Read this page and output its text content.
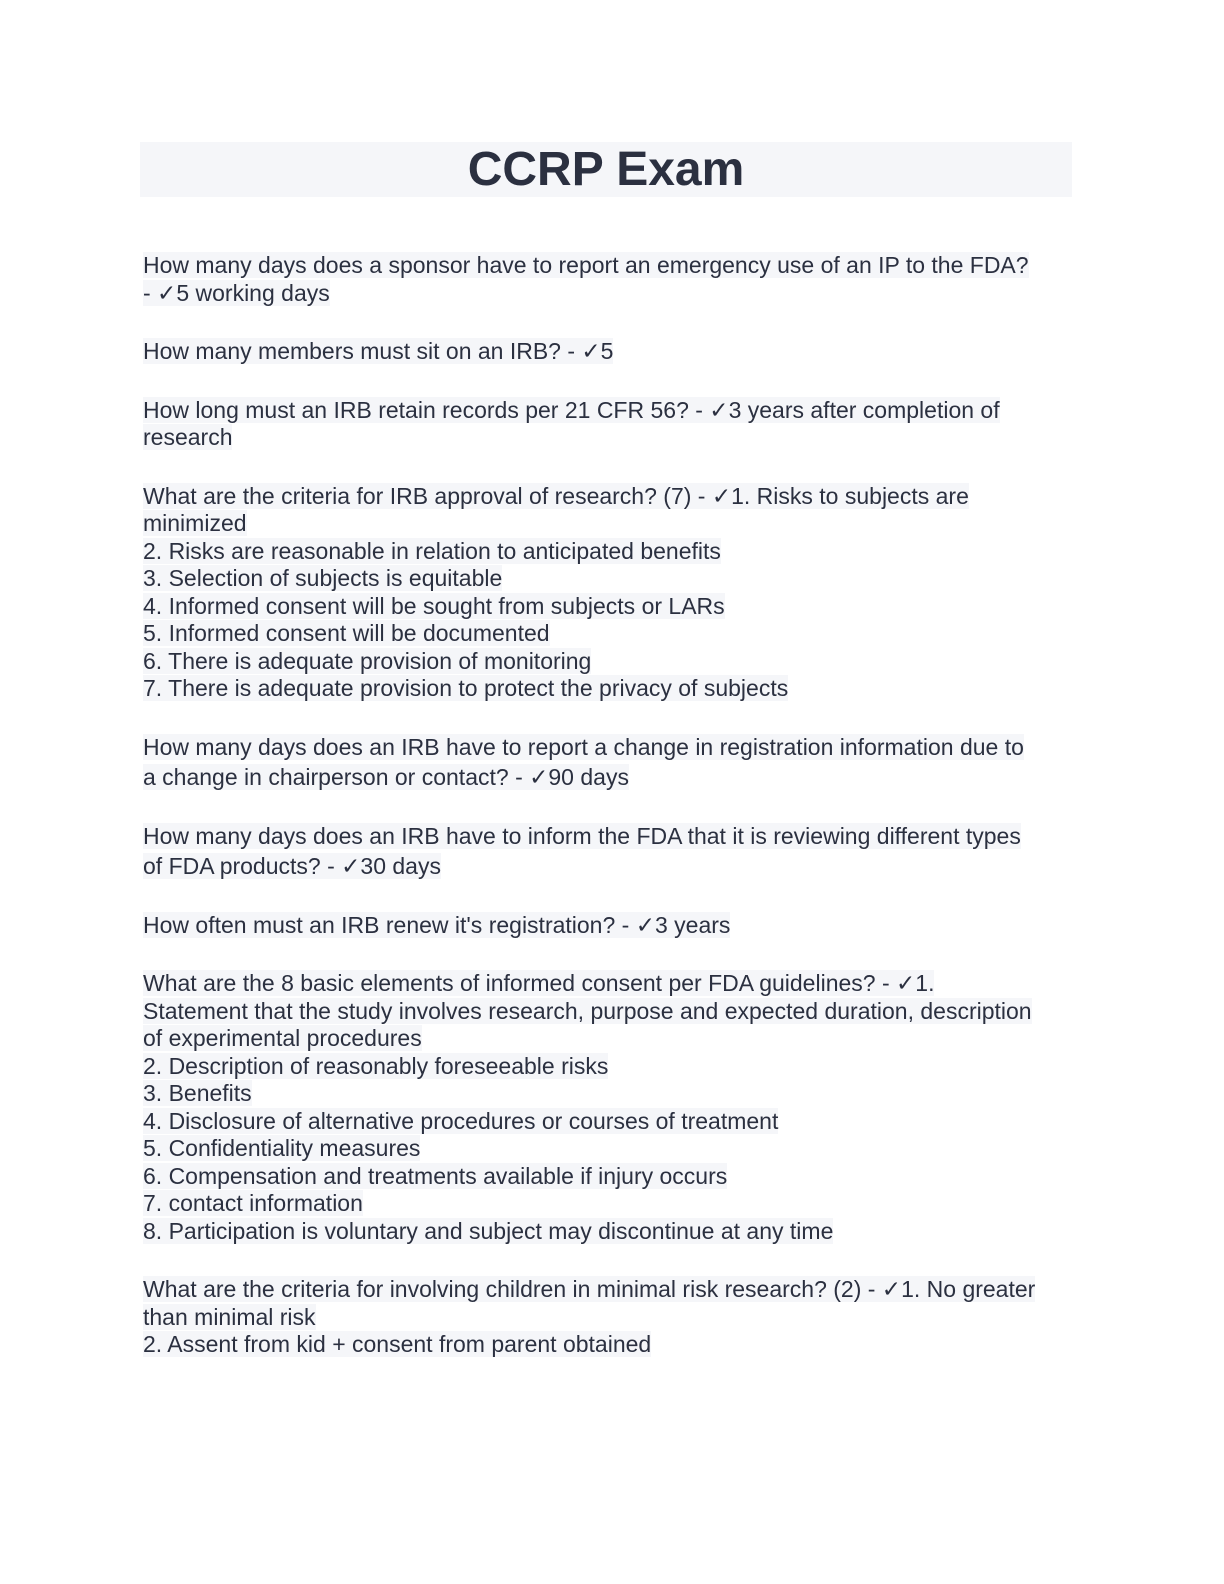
CCRP Exam
How many days does a sponsor have to report an emergency use of an IP to the FDA?
- ✓5 working days
How many members must sit on an IRB? - ✓5
How long must an IRB retain records per 21 CFR 56? - ✓3 years after completion of
research
What are the criteria for IRB approval of research? (7) - ✓1. Risks to subjects are
minimized
2. Risks are reasonable in relation to anticipated benefits
3. Selection of subjects is equitable
4. Informed consent will be sought from subjects or LARs
5. Informed consent will be documented
6. There is adequate provision of monitoring
7. There is adequate provision to protect the privacy of subjects
How many days does an IRB have to report a change in registration information due to
a change in chairperson or contact? - ✓90 days
How many days does an IRB have to inform the FDA that it is reviewing different types
of FDA products? - ✓30 days
How often must an IRB renew it's registration? - ✓3 years
What are the 8 basic elements of informed consent per FDA guidelines? - ✓1.
Statement that the study involves research, purpose and expected duration, description
of experimental procedures
2. Description of reasonably foreseeable risks
3. Benefits
4. Disclosure of alternative procedures or courses of treatment
5. Confidentiality measures
6. Compensation and treatments available if injury occurs
7. contact information
8. Participation is voluntary and subject may discontinue at any time
What are the criteria for involving children in minimal risk research? (2) - ✓1. No greater
than minimal risk
2. Assent from kid + consent from parent obtained
